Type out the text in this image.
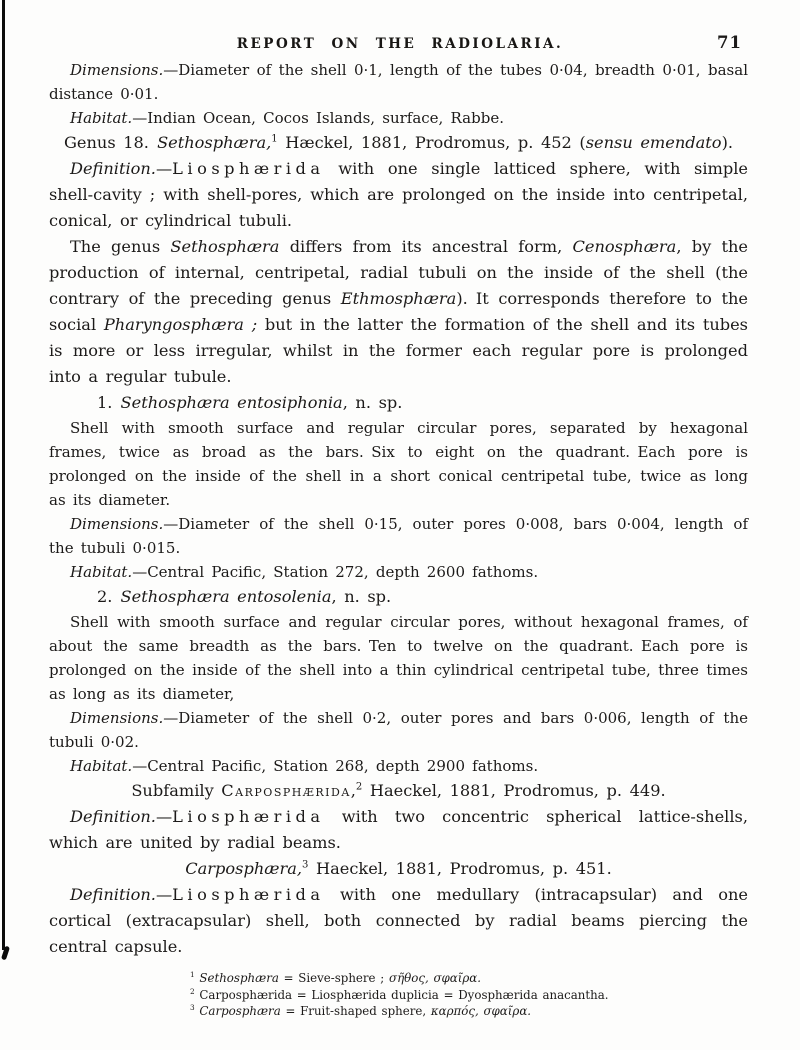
REPORT ON THE RADIOLARIA.	71

Dimensions.—Diameter of the shell 0·1, length of the tubes 0·04, breadth 0·01, basal distance 0·01.

Habitat.—Indian Ocean, Cocos Islands, surface, Rabbe.

Genus 18. Sethosphæra,$^1$ Hæckel, 1881, Prodromus, p. 452 (sensu emendato).

Definition.—Liosphærida with one single latticed sphere, with simple shell-cavity ; with shell-pores, which are prolonged on the inside into centripetal, conical, or cylindrical tubuli.

The genus Sethosphæra differs from its ancestral form, Cenosphæra, by the production of internal, centripetal, radial tubuli on the inside of the shell (the contrary of the preceding genus Ethmosphæra). It corresponds therefore to the social Pharyngosphæra ; but in the latter the formation of the shell and its tubes is more or less irregular, whilst in the former each regular pore is prolonged into a regular tubule.

1. Sethosphæra entosiphonia, n. sp.

Shell with smooth surface and regular circular pores, separated by hexagonal frames, twice as broad as the bars. Six to eight on the quadrant. Each pore is prolonged on the inside of the shell in a short conical centripetal tube, twice as long as its diameter.

Dimensions.—Diameter of the shell 0·15, outer pores 0·008, bars 0·004, length of the tubuli 0·015.

Habitat.—Central Pacific, Station 272, depth 2600 fathoms.

2. Sethosphæra entosolenia, n. sp.

Shell with smooth surface and regular circular pores, without hexagonal frames, of about the same breadth as the bars. Ten to twelve on the quadrant. Each pore is prolonged on the inside of the shell into a thin cylindrical centripetal tube, three times as long as its diameter,

Dimensions.—Diameter of the shell 0·2, outer pores and bars 0·006, length of the tubuli 0·02.

Habitat.—Central Pacific, Station 268, depth 2900 fathoms.

Subfamily Carposphærida,$^2$ Haeckel, 1881, Prodromus, p. 449.

Definition.—Liosphærida with two concentric spherical lattice-shells, which are united by radial beams.

Carposphæra,$^3$ Haeckel, 1881, Prodromus, p. 451.

Definition.—Liosphærida with one medullary (intracapsular) and one cortical (extracapsular) shell, both connected by radial beams piercing the central capsule.

$^1$ Sethosphæra = Sieve-sphere ; σῆθος, σφαῖρα.

$^2$ Carposphærida = Liosphærida duplicia = Dyosphærida anacantha.

$^3$ Carposphæra = Fruit-shaped sphere, καρπός, σφαῖρα.
